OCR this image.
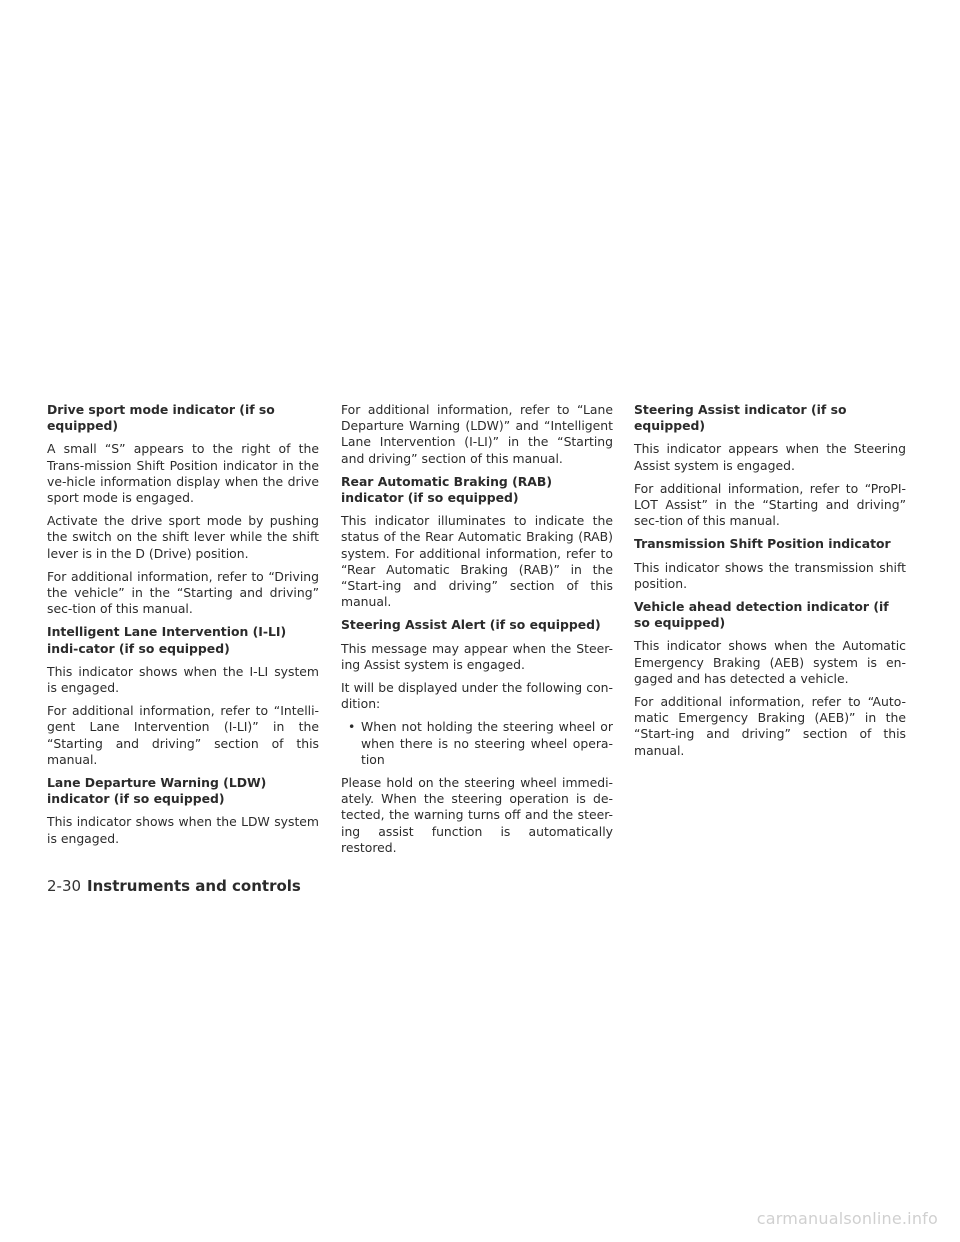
Drive sport mode indicator (if so equipped)

A small “S” appears to the right of the Trans-mission Shift Position indicator in the ve-hicle information display when the drive sport mode is engaged.

Activate the drive sport mode by pushing the switch on the shift lever while the shift lever is in the D (Drive) position.

For additional information, refer to “Driving the vehicle” in the “Starting and driving” sec-tion of this manual.

Intelligent Lane Intervention (I-LI) indi-cator (if so equipped)

This indicator shows when the I-LI system is engaged.

For additional information, refer to “Intelli-gent Lane Intervention (I-LI)” in the “Starting and driving” section of this manual.

Lane Departure Warning (LDW) indicator (if so equipped)

This indicator shows when the LDW system is engaged.

For additional information, refer to “Lane Departure Warning (LDW)” and “Intelligent Lane Intervention (I-LI)” in the “Starting and driving” section of this manual.

Rear Automatic Braking (RAB) indicator (if so equipped)

This indicator illuminates to indicate the status of the Rear Automatic Braking (RAB) system. For additional information, refer to “Rear Automatic Braking (RAB)” in the “Start-ing and driving” section of this manual.

Steering Assist Alert (if so equipped)

This message may appear when the Steer-ing Assist system is engaged.

It will be displayed under the following con-dition:

• When not holding the steering wheel or when there is no steering wheel opera-tion

Please hold on the steering wheel immedi-ately. When the steering operation is de-tected, the warning turns off and the steer-ing assist function is automatically restored.

Steering Assist indicator (if so equipped)

This indicator appears when the Steering Assist system is engaged.

For additional information, refer to “ProPI-LOT Assist” in the “Starting and driving” sec-tion of this manual.

Transmission Shift Position indicator

This indicator shows the transmission shift position.

Vehicle ahead detection indicator (if so equipped)

This indicator shows when the Automatic Emergency Braking (AEB) system is en-gaged and has detected a vehicle.

For additional information, refer to “Auto-matic Emergency Braking (AEB)” in the “Start-ing and driving” section of this manual.

2-30 Instruments and controls
carmanualsonline.info
